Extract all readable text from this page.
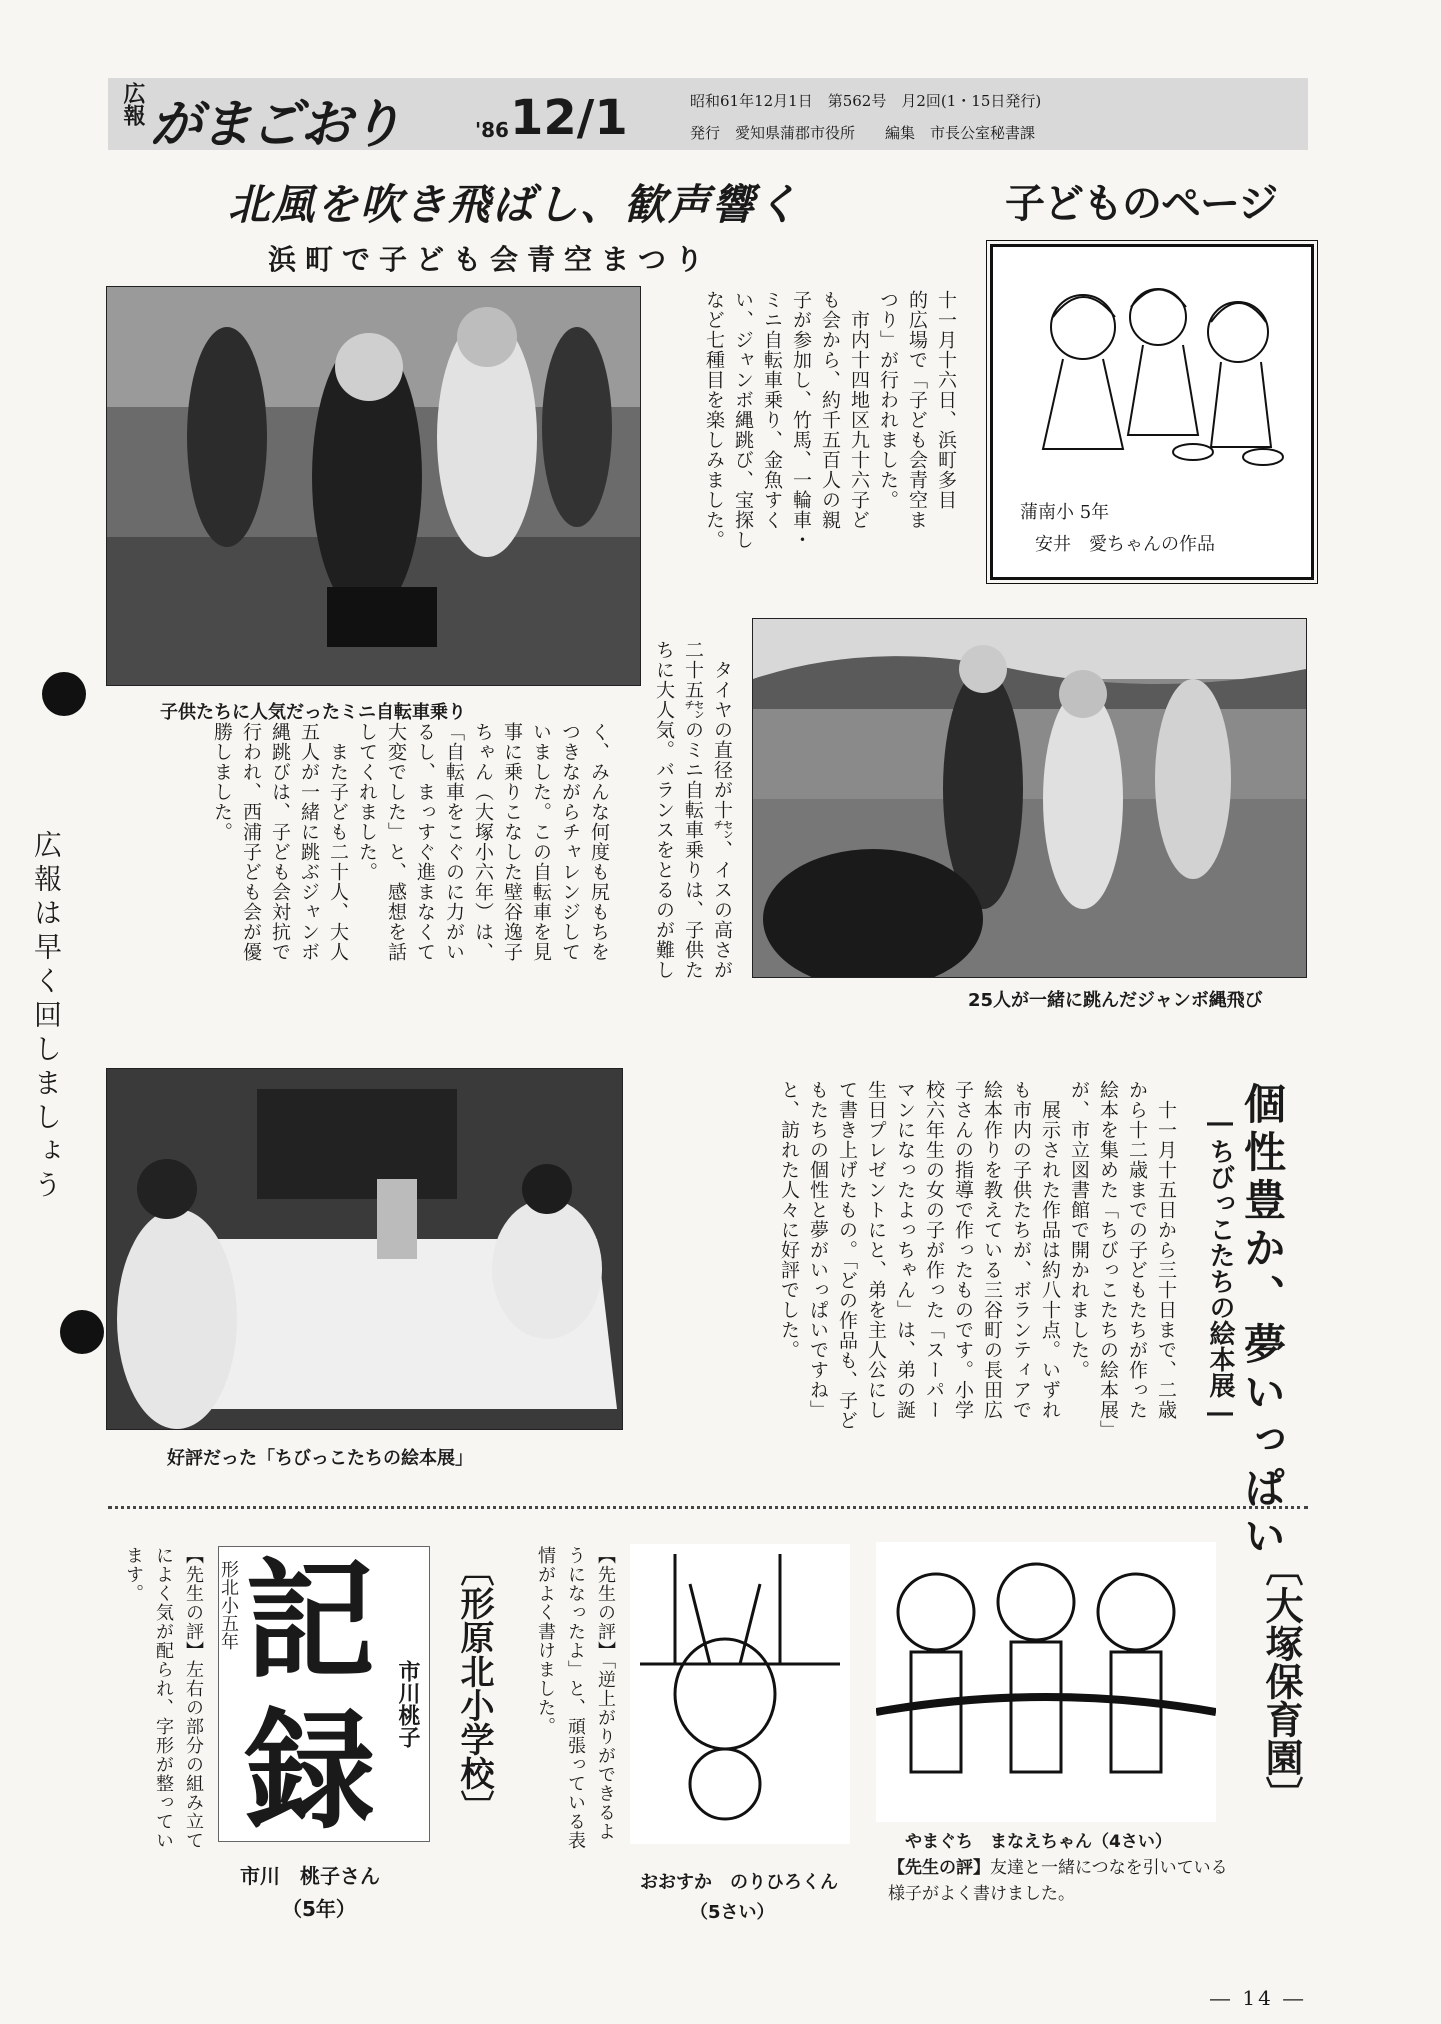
広報 がまごおり	'86 12/1	昭和61年12月1日　第562号　月2回(1・15日発行)
発行　愛知県蒲郡市役所　　編集　市長公室秘書課
北風を吹き飛ばし、歓声響く
浜町で子ども会青空まつり
子どものページ
子供たちに人気だったミニ自転車乗り
十一月十六日、浜町多目
的広場で「子ども会青空ま
つり」が行われました。
　市内十四地区九十六子ど
も会から、約千五百人の親
子が参加し、竹馬、一輪車・
ミニ自転車乗り、金魚すく
い、ジャンボ縄跳び、宝探し
など七種目を楽しみました。
　タイヤの直径が十㌢、イスの高さが
二十五㌢のミニ自転車乗りは、子供た
ちに大人気。バランスをとるのが難し
く、みんな何度も尻もちを
つきながらチャレンジして
いました。この自転車を見
事に乗りこなした壁谷逸子
ちゃん（大塚小六年）は、
「自転車をこぐのに力がい
るし、まっすぐ進まなくて
大変でした」と、感想を話
してくれました。
　また子ども二十人、大人
五人が一緒に跳ぶジャンボ
縄跳びは、子ども会対抗で
行われ、西浦子ども会が優
勝しました。
蒲南小 5年
安井　愛ちゃんの作品
25人が一緒に跳んだジャンボ縄飛び
広報は早く回しましょう
好評だった「ちびっこたちの絵本展」	個性豊か、夢いっぱい
―ちびっこたちの絵本展―
　十一月十五日から三十日まで、二歳
から十二歳までの子どもたちが作った
絵本を集めた「ちびっこたちの絵本展」
が、市立図書館で開かれました。
　展示された作品は約八十点。いずれ
も市内の子供たちが、ボランティアで
絵本作りを教えている三谷町の長田広
子さんの指導で作ったものです。小学
校六年生の女の子が作った「スーパー
マンになったよっちゃん」は、弟の誕
生日プレゼントにと、弟を主人公にし
て書き上げたもの。「どの作品も、子ど
もたちの個性と夢がいっぱいですね」
と、訪れた人々に好評でした。
〔形原北小学校〕
記
録
形北小五年
市川桃子
市川　桃子さん
（5年）
【先生の評】左右の部分の組み立て
によく気が配られ、字形が整ってい
ます。	【先生の評】「逆上がりができるよ
うになったよ」と、頑張っている表
情がよく書けました。
おおすか　のりひろくん
（5さい）
〔大塚保育園〕
やまぐち　まなえちゃん（4さい）
【先生の評】友達と一緒につなを引いている様子がよく書けました。
― 14 ―
